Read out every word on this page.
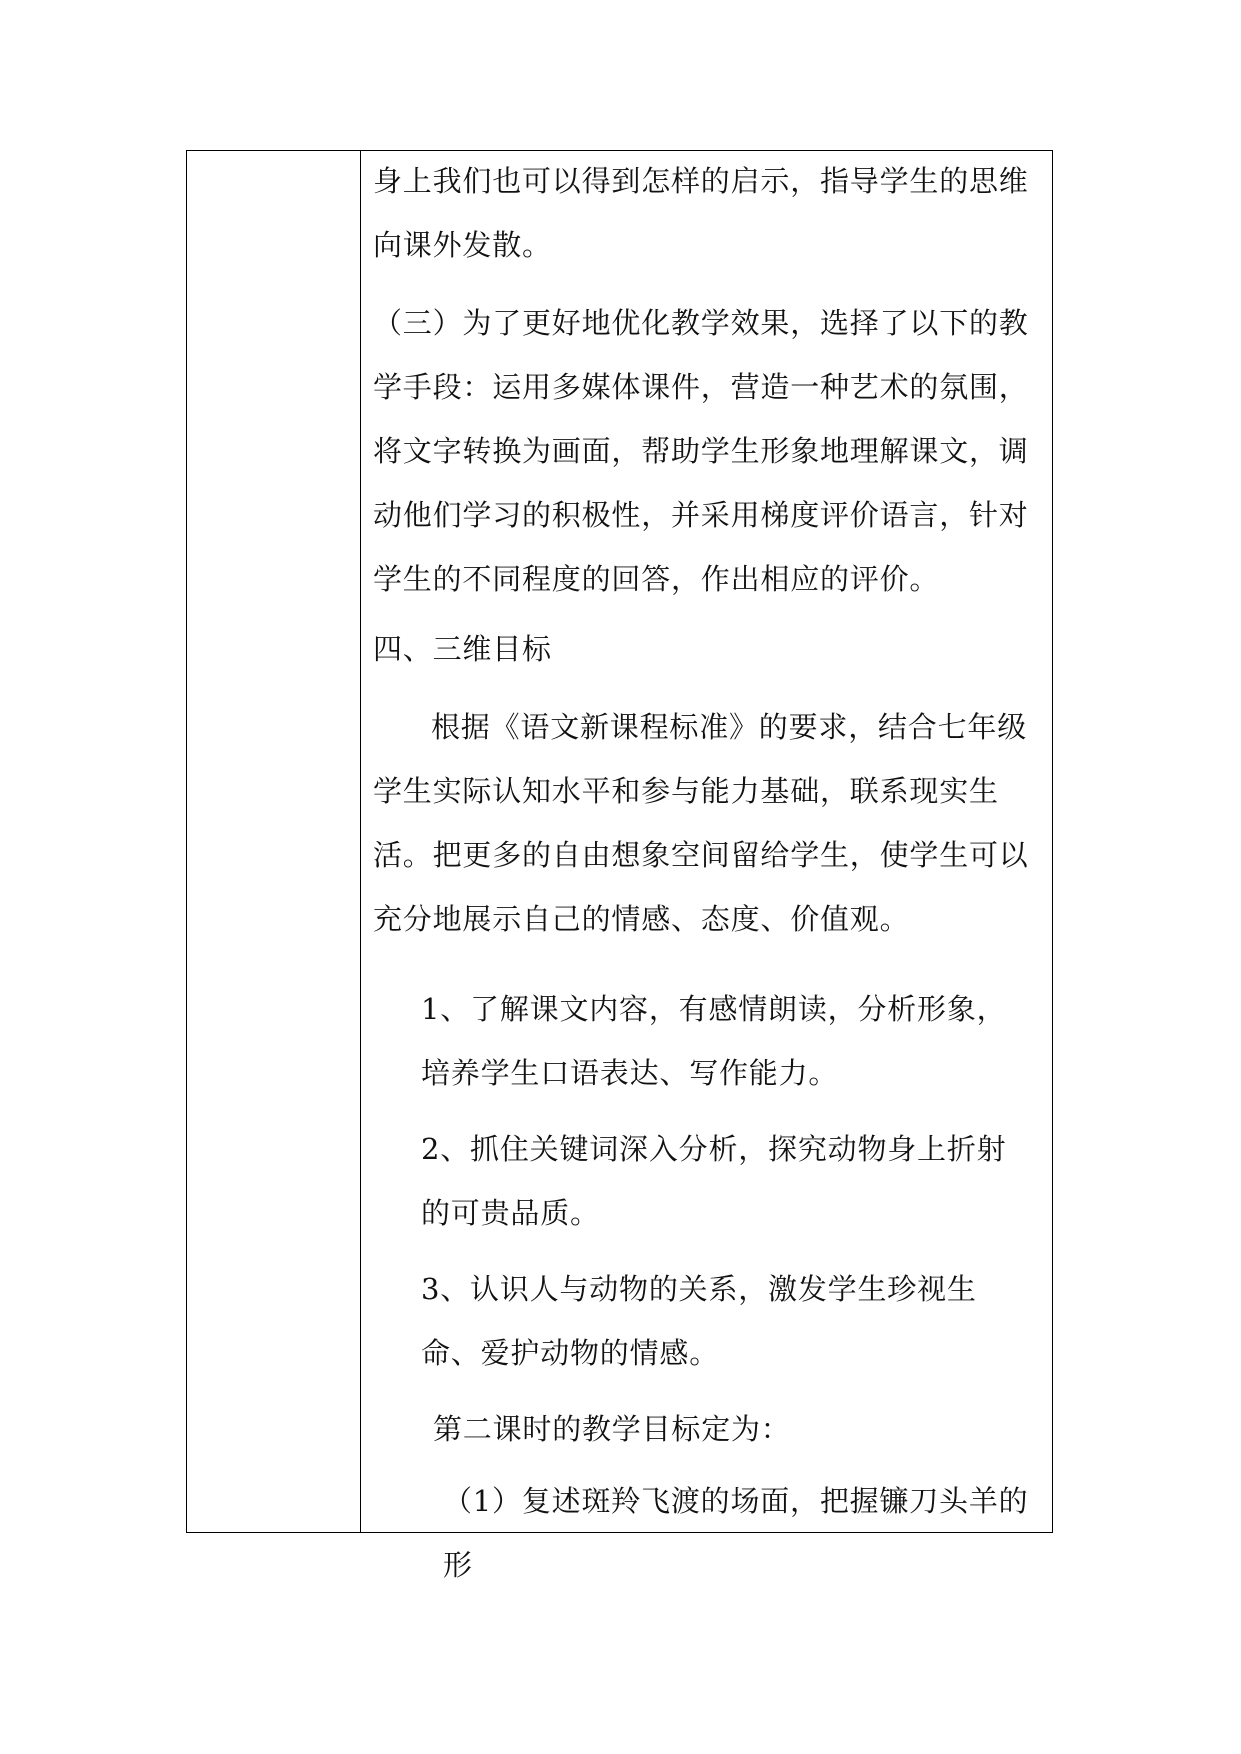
身上我们也可以得到怎样的启示，指导学生的思维向课外发散。

（三）为了更好地优化教学效果，选择了以下的教学手段：运用多媒体课件，营造一种艺术的氛围，将文字转换为画面，帮助学生形象地理解课文，调动他们学习的积极性，并采用梯度评价语言，针对学生的不同程度的回答，作出相应的评价。

四、三维目标

根据《语文新课程标准》的要求，结合七年级学生实际认知水平和参与能力基础，联系现实生活。把更多的自由想象空间留给学生，使学生可以充分地展示自己的情感、态度、价值观。

1、了解课文内容，有感情朗读，分析形象，培养学生口语表达、写作能力。

2、抓住关键词深入分析，探究动物身上折射的可贵品质。

3、认识人与动物的关系，激发学生珍视生命、爱护动物的情感。

第二课时的教学目标定为：

（1）复述斑羚飞渡的场面，把握镰刀头羊的形
